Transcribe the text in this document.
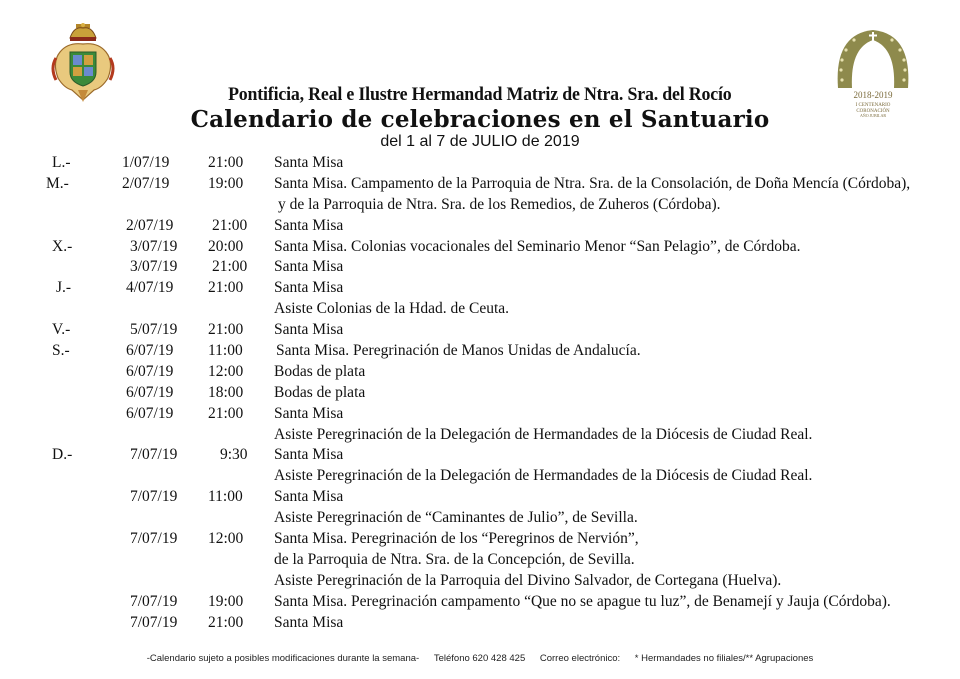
2018-2019
I CENTENARIO
CORONACIÓN
AÑO JUBILAR
Pontificia, Real e Ilustre Hermandad Matriz de Ntra. Sra. del Rocío
Calendario de celebraciones en el Santuario
del 1 al 7 de JULIO de 2019
L.-	1/07/19 21:00 Santa Misa
M.-	2/07/19 19:00 Santa Misa. Campamento de la Parroquia de Ntra. Sra. de la Consolación, de Doña Mencía (Córdoba),
y de la Parroquia de Ntra. Sra. de los Remedios, de Zuheros (Córdoba).
2/07/19 21:00 Santa Misa
X.-	3/07/19 20:00 Santa Misa. Colonias vocacionales del Seminario Menor “San Pelagio”, de Córdoba.
3/07/19 21:00 Santa Misa
J.-	4/07/19 21:00 Santa Misa
Asiste Colonias de la Hdad. de Ceuta.
V.-	5/07/19 21:00 Santa Misa
S.-	6/07/19 11:00 Santa Misa. Peregrinación de Manos Unidas de Andalucía.
6/07/19 12:00 Bodas de plata
6/07/19 18:00 Bodas de plata
6/07/19 21:00 Santa Misa
Asiste Peregrinación de la Delegación de Hermandades de la Diócesis de Ciudad Real.
D.-	7/07/19	9:30 Santa Misa
Asiste Peregrinación de la Delegación de Hermandades de la Diócesis de Ciudad Real.
7/07/19 11:00 Santa Misa
Asiste Peregrinación de “Caminantes de Julio”, de Sevilla.
7/07/19 12:00 Santa Misa. Peregrinación de los “Peregrinos de Nervión”,
de la Parroquia de Ntra. Sra. de la Concepción, de Sevilla.
Asiste Peregrinación de la Parroquia del Divino Salvador, de Cortegana (Huelva).
7/07/19 19:00 Santa Misa. Peregrinación campamento “Que no se apague tu luz”, de Benamejí y Jauja (Córdoba).
7/07/19 21:00 Santa Misa
-Calendario sujeto a posibles modificaciones durante la semana- Teléfono 620 428 425 Correo electrónico: * Hermandades no filiales/** Agrupaciones
